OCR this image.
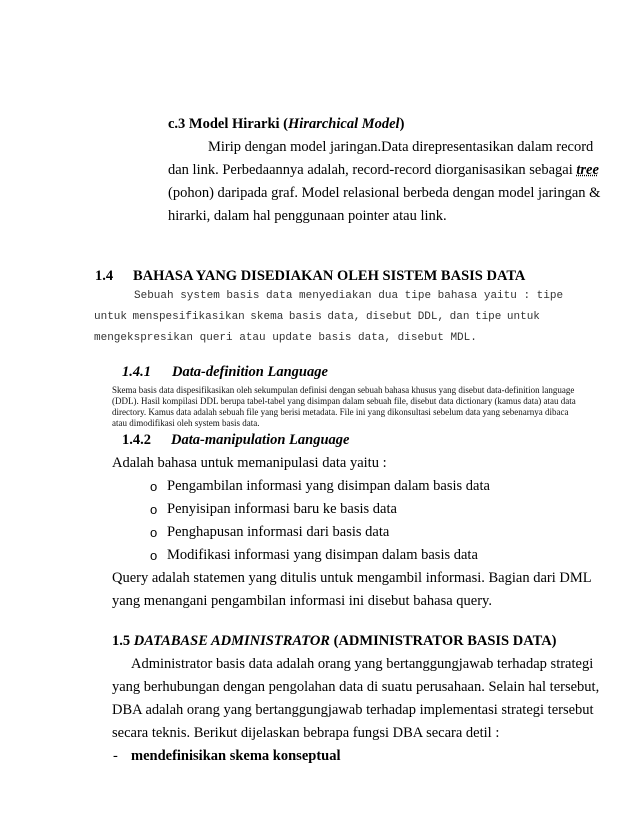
c.3 Model Hirarki (Hirarchical Model)
Mirip dengan model jaringan.Data direpresentasikan dalam record
dan link. Perbedaannya adalah, record-record diorganisasikan sebagai tree
(pohon) daripada graf. Model relasional berbeda dengan model jaringan &
hirarki, dalam hal penggunaan pointer atau link.
1.4 BAHASA YANG DISEDIAKAN OLEH SISTEM BASIS DATA
Sebuah system basis data menyediakan dua tipe bahasa yaitu : tipe
untuk menspesifikasikan skema basis data, disebut DDL, dan tipe untuk
mengekspresikan queri atau update basis data, disebut MDL.
1.4.1 Data-definition Language
Skema basis data dispesifikasikan oleh sekumpulan definisi dengan sebuah bahasa khusus yang disebut data-definition language
(DDL). Hasil kompilasi DDL berupa tabel-tabel yang disimpan dalam sebuah file, disebut data dictionary (kamus data) atau data
directory. Kamus data adalah sebuah file yang berisi metadata. File ini yang dikonsultasi sebelum data yang sebenarnya dibaca
atau dimodifikasi oleh system basis data.
1.4.2 Data-manipulation Language
Adalah bahasa untuk memanipulasi data yaitu :
o Pengambilan informasi yang disimpan dalam basis data
o Penyisipan informasi baru ke basis data
o Penghapusan informasi dari basis data
o Modifikasi informasi yang disimpan dalam basis data
Query adalah statemen yang ditulis untuk mengambil informasi. Bagian dari DML
yang menangani pengambilan informasi ini disebut bahasa query.
1.5 DATABASE ADMINISTRATOR (ADMINISTRATOR BASIS DATA)
Administrator basis data adalah orang yang bertanggungjawab terhadap strategi
yang berhubungan dengan pengolahan data di suatu perusahaan. Selain hal tersebut,
DBA adalah orang yang bertanggungjawab terhadap implementasi strategi tersebut
secara teknis. Berikut dijelaskan bebrapa fungsi DBA secara detil :
- mendefinisikan skema konseptual
